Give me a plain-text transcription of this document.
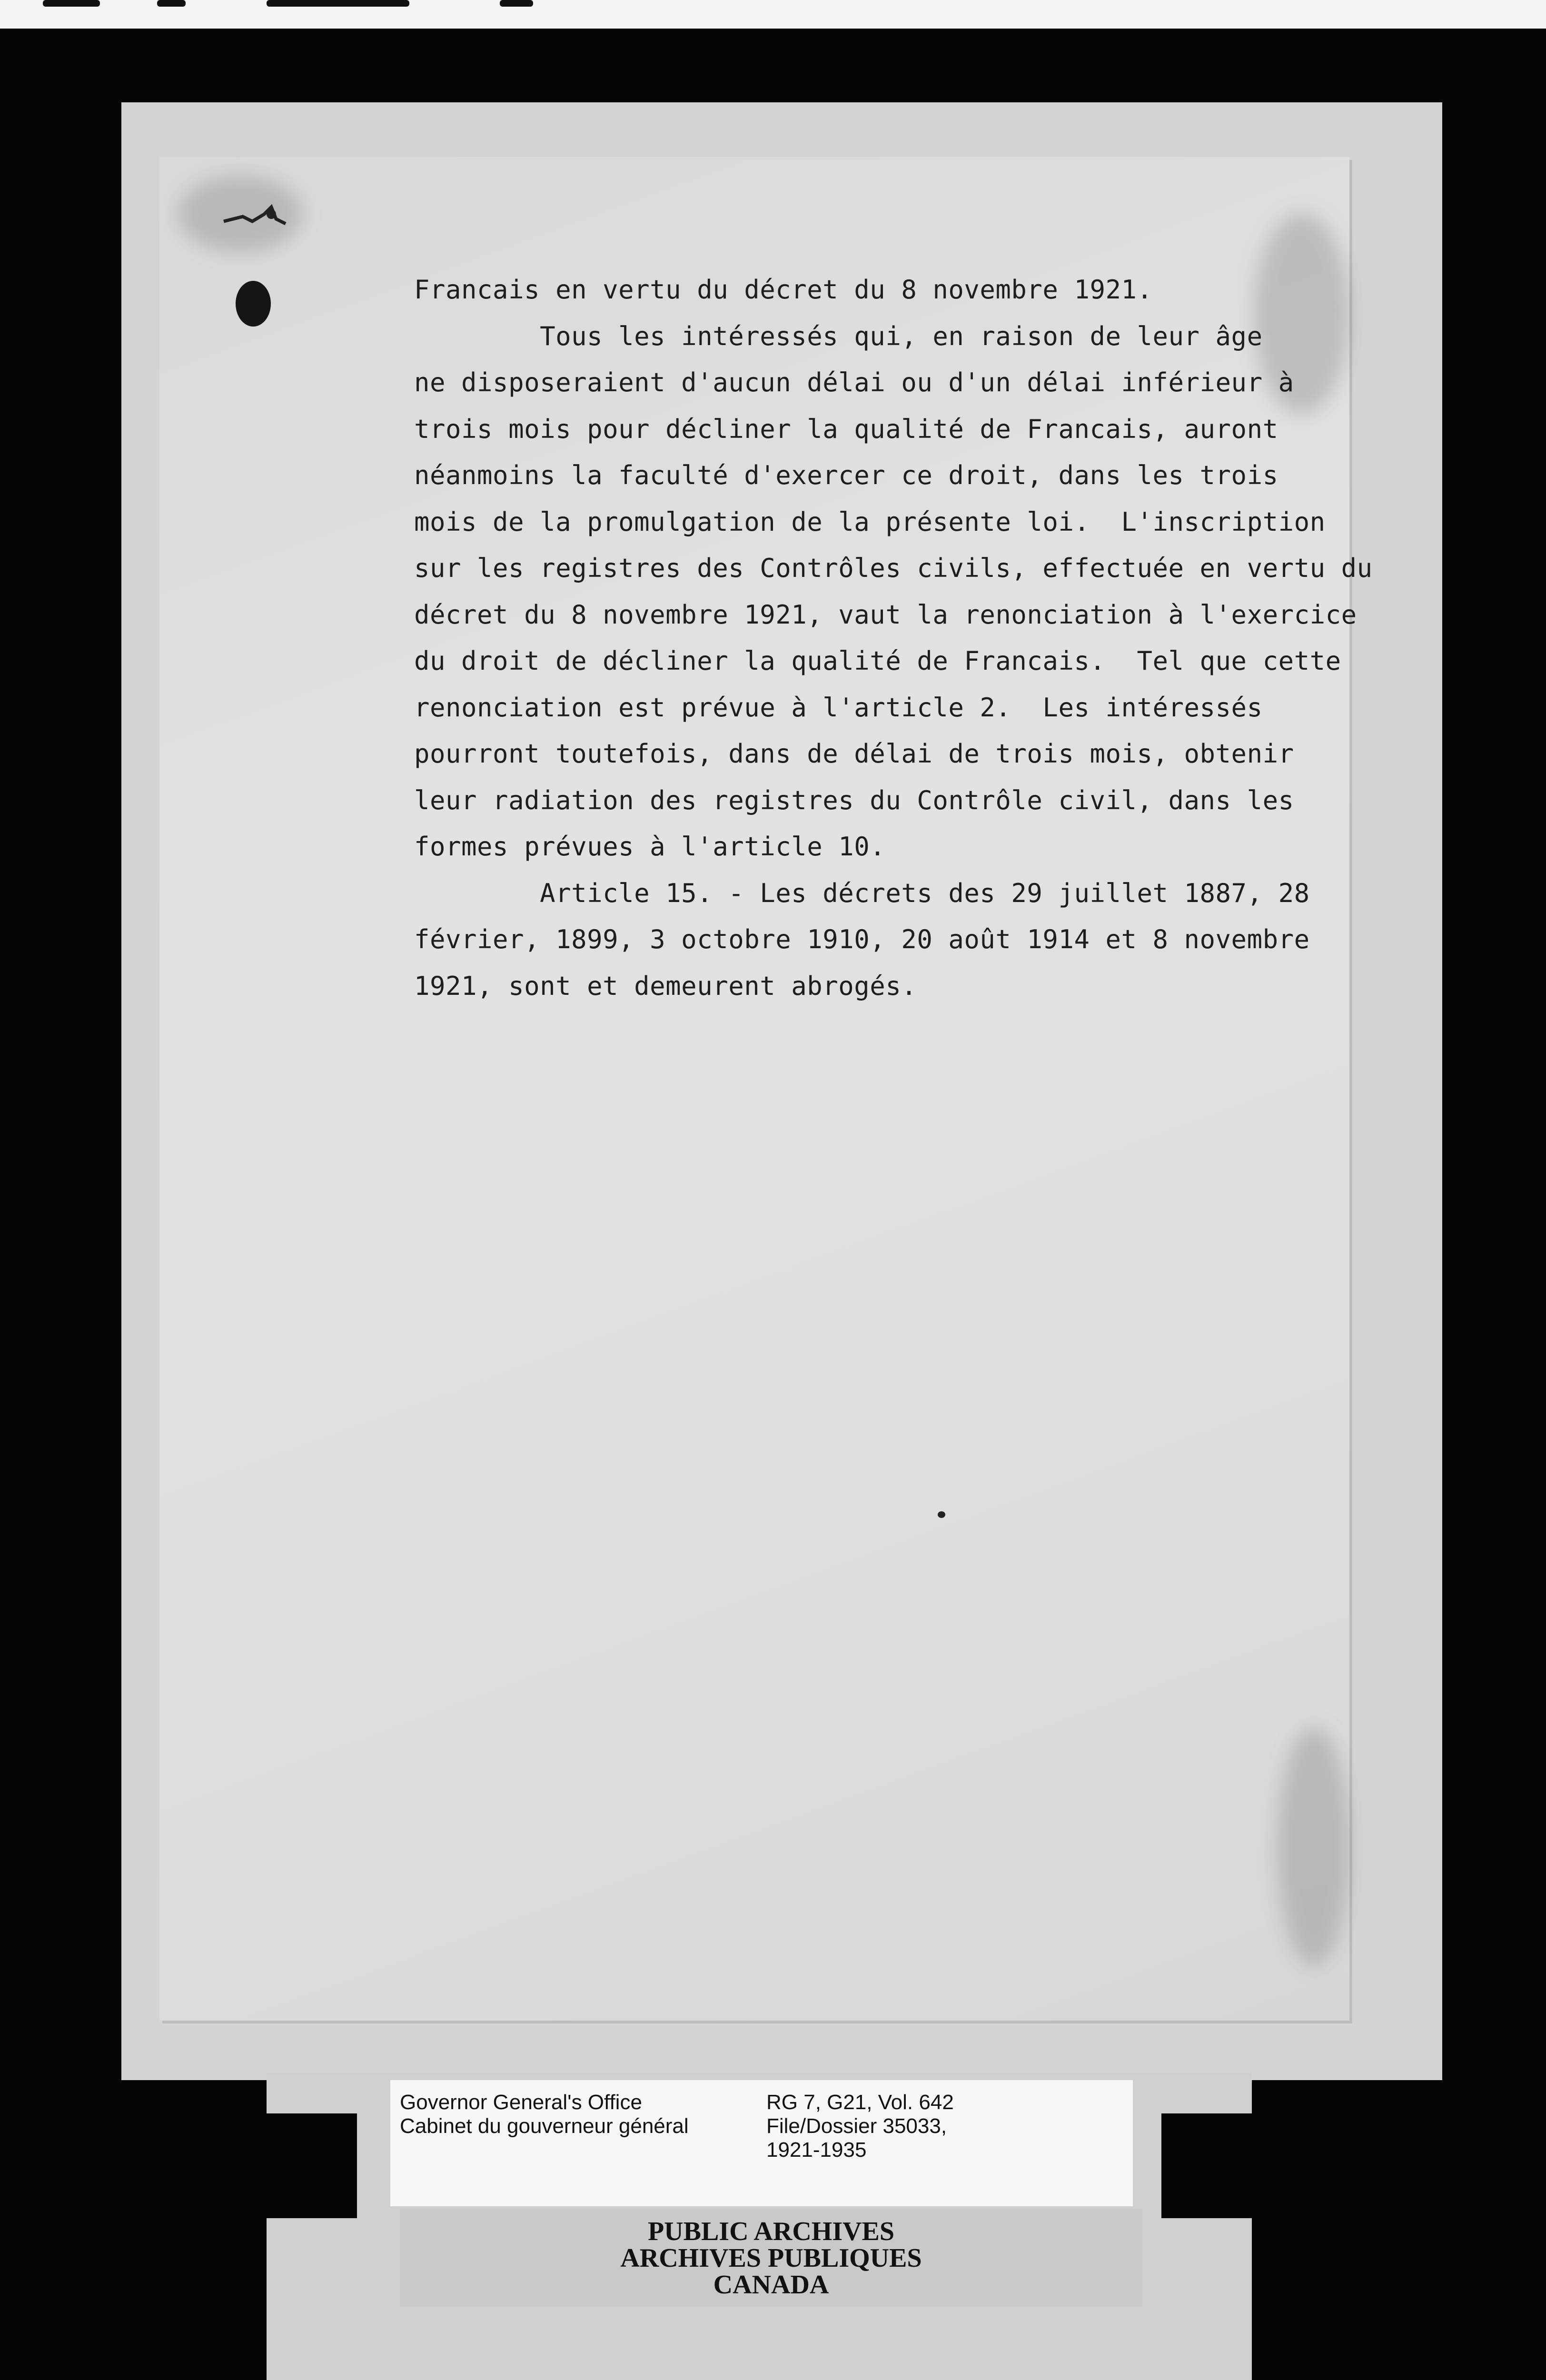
Francais en vertu du décret du 8 novembre 1921.
Tous les intéressés qui, en raison de leur âge
ne disposeraient d'aucun délai ou d'un délai inférieur à
trois mois pour décliner la qualité de Francais, auront
néanmoins la faculté d'exercer ce droit, dans les trois
mois de la promulgation de la présente loi.  L'inscription
sur les registres des Contrôles civils, effectuée en vertu du
décret du 8 novembre 1921, vaut la renonciation à l'exercice
du droit de décliner la qualité de Francais.  Tel que cette
renonciation est prévue à l'article 2.  Les intéressés
pourront toutefois, dans de délai de trois mois, obtenir
leur radiation des registres du Contrôle civil, dans les
formes prévues à l'article 10.
Article 15. - Les décrets des 29 juillet 1887, 28
février, 1899, 3 octobre 1910, 20 août 1914 et 8 novembre
1921, sont et demeurent abrogés.
Governor General's Office
Cabinet du gouverneur général
RG 7, G21, Vol. 642
File/Dossier 35033,
1921-1935
PUBLIC ARCHIVES
ARCHIVES PUBLIQUES
CANADA
